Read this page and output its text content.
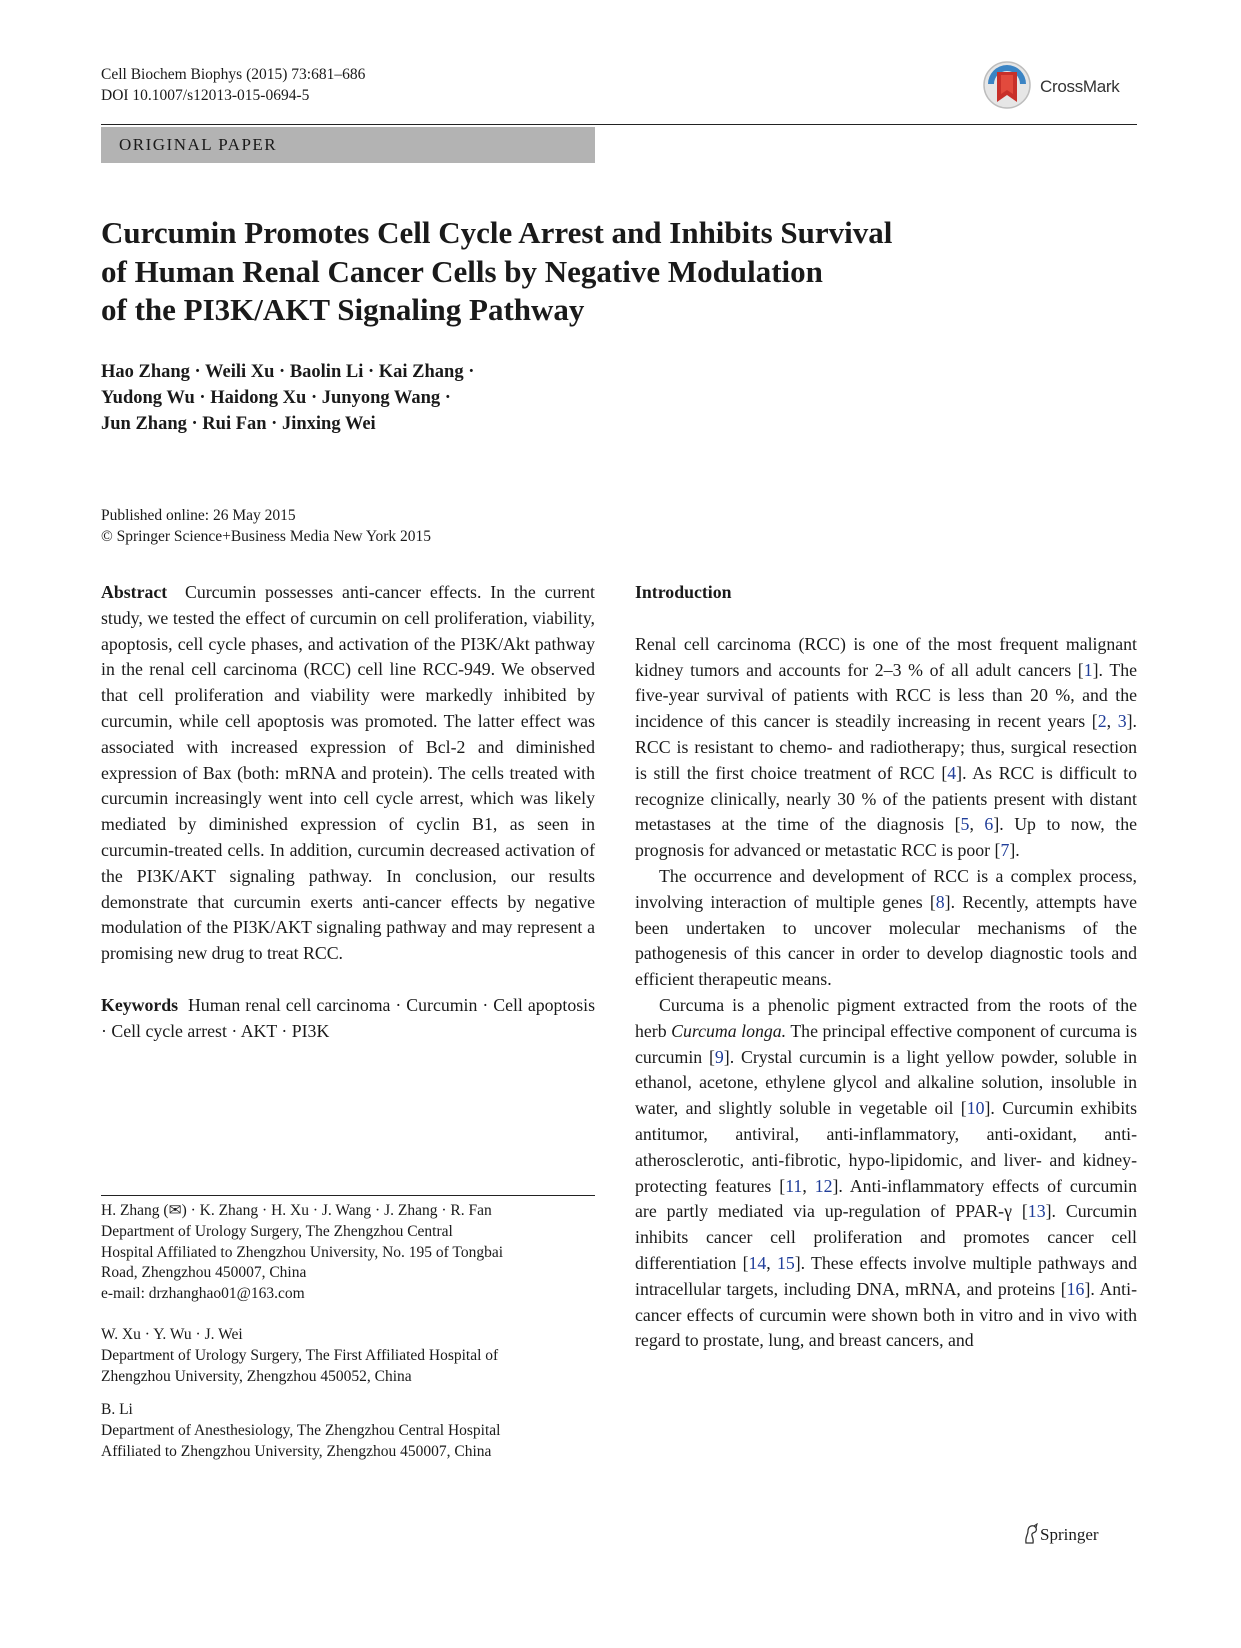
Cell Biochem Biophys (2015) 73:681–686
DOI 10.1007/s12013-015-0694-5	CrossMark
ORIGINAL PAPER
Curcumin Promotes Cell Cycle Arrest and Inhibits Survival
of Human Renal Cancer Cells by Negative Modulation
of the PI3K/AKT Signaling Pathway
Hao Zhang · Weili Xu · Baolin Li · Kai Zhang ·
Yudong Wu · Haidong Xu · Junyong Wang ·
Jun Zhang · Rui Fan · Jinxing Wei
Published online: 26 May 2015
© Springer Science+Business Media New York 2015

Abstract Curcumin possesses anti-cancer effects. In the current study, we tested the effect of curcumin on cell proliferation, viability, apoptosis, cell cycle phases, and activation of the PI3K/Akt pathway in the renal cell carcinoma (RCC) cell line RCC-949. We observed that cell proliferation and viability were markedly inhibited by curcumin, while cell apoptosis was promoted. The latter effect was associated with increased expression of Bcl-2 and diminished expression of Bax (both: mRNA and protein). The cells treated with curcumin increasingly went into cell cycle arrest, which was likely mediated by diminished expression of cyclin B1, as seen in curcumin-treated cells. In addition, curcumin decreased activation of the PI3K/AKT signaling pathway. In conclusion, our results demonstrate that curcumin exerts anti-cancer effects by negative modulation of the PI3K/AKT signaling pathway and may represent a promising new drug to treat RCC.

Keywords Human renal cell carcinoma · Curcumin · Cell apoptosis · Cell cycle arrest · AKT · PI3K

H. Zhang (✉) · K. Zhang · H. Xu · J. Wang · J. Zhang · R. Fan
Department of Urology Surgery, The Zhengzhou Central
Hospital Affiliated to Zhengzhou University, No. 195 of Tongbai
Road, Zhengzhou 450007, China
e-mail: drzhanghao01@163.com
W. Xu · Y. Wu · J. Wei
Department of Urology Surgery, The First Affiliated Hospital of
Zhengzhou University, Zhengzhou 450052, China
B. Li
Department of Anesthesiology, The Zhengzhou Central Hospital
Affiliated to Zhengzhou University, Zhengzhou 450007, China

Introduction

Renal cell carcinoma (RCC) is one of the most frequent malignant kidney tumors and accounts for 2–3 % of all adult cancers [1]. The five-year survival of patients with RCC is less than 20 %, and the incidence of this cancer is steadily increasing in recent years [2, 3]. RCC is resistant to chemo- and radiotherapy; thus, surgical resection is still the first choice treatment of RCC [4]. As RCC is difficult to recognize clinically, nearly 30 % of the patients present with distant metastases at the time of the diagnosis [5, 6]. Up to now, the prognosis for advanced or metastatic RCC is poor [7].

The occurrence and development of RCC is a complex process, involving interaction of multiple genes [8]. Recently, attempts have been undertaken to uncover molecular mechanisms of the pathogenesis of this cancer in order to develop diagnostic tools and efficient therapeutic means.

Curcuma is a phenolic pigment extracted from the roots of the herb Curcuma longa. The principal effective component of curcuma is curcumin [9]. Crystal curcumin is a light yellow powder, soluble in ethanol, acetone, ethylene glycol and alkaline solution, insoluble in water, and slightly soluble in vegetable oil [10]. Curcumin exhibits antitumor, antiviral, anti-inflammatory, anti-oxidant, anti-atherosclerotic, anti-fibrotic, hypo-lipidomic, and liver- and kidney-protecting features [11, 12]. Anti-inflammatory effects of curcumin are partly mediated via up-regulation of PPAR-γ [13]. Curcumin inhibits cancer cell proliferation and promotes cancer cell differentiation [14, 15]. These effects involve multiple pathways and intracellular targets, including DNA, mRNA, and proteins [16]. Anti-cancer effects of curcumin were shown both in vitro and in vivo with regard to prostate, lung, and breast cancers, and

Springer
